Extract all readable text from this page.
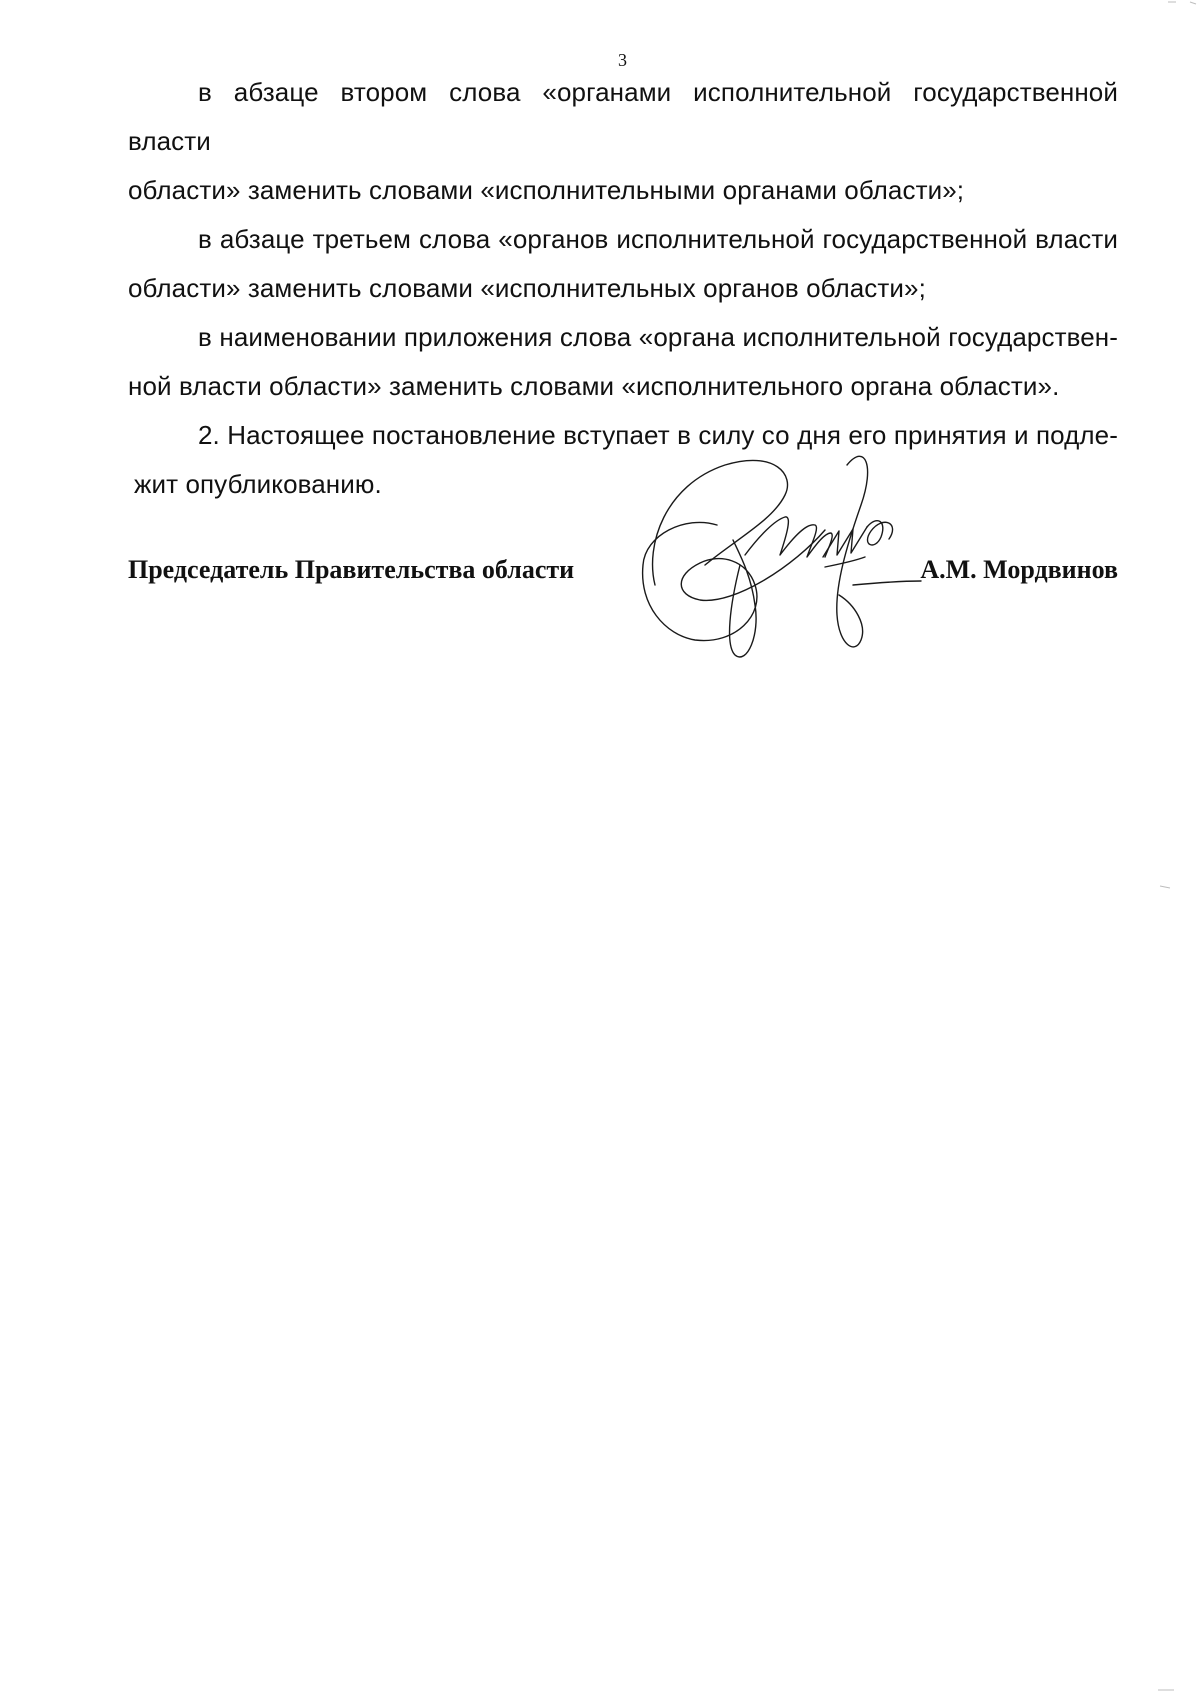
3

в абзаце втором слова «органами исполнительной государственной власти
области» заменить словами «исполнительными органами области»;

в абзаце третьем слова «органов исполнительной государственной власти
области» заменить словами «исполнительных органов области»;

в наименовании приложения слова «органа исполнительной государствен-
ной власти области» заменить словами «исполнительного органа области».

2. Настоящее постановление вступает в силу со дня его принятия и подле-
жит опубликованию.

Председатель Правительства области	А.М. Мордвинов
